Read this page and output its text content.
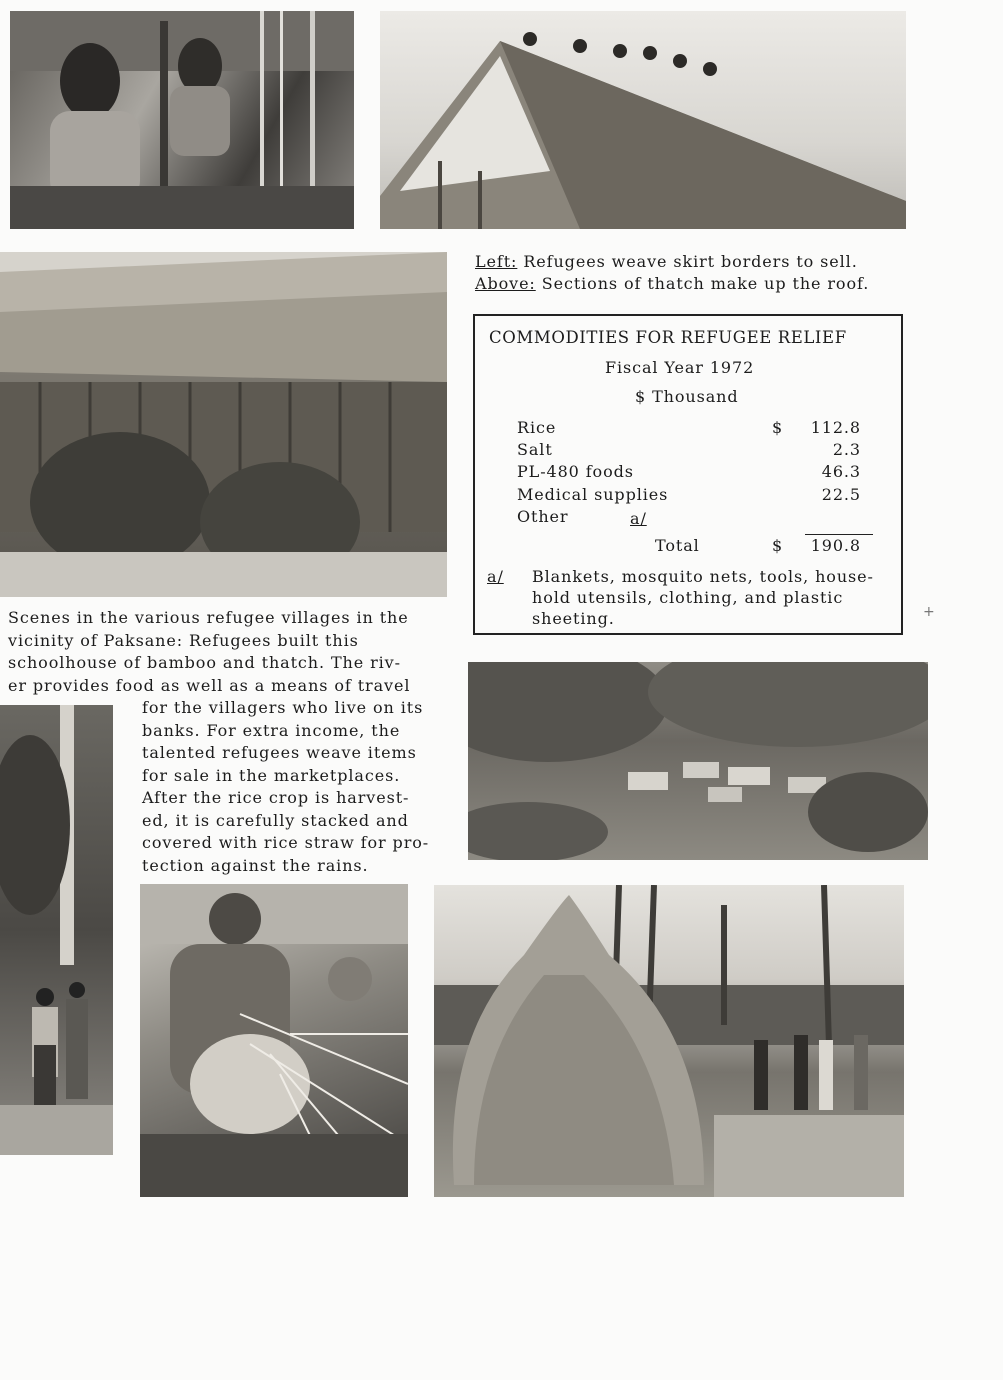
Left: Refugees weave skirt borders to sell.
Above: Sections of thatch make up the roof.
COMMODITIES FOR REFUGEE RELIEF
Fiscal Year 1972
$ Thousand
Rice	$ 112.8
Salt	2.3
PL-480 foods	46.3
Medical supplies	22.5
Other	a/
Total	$ 190.8
a/ Blankets, mosquito nets, tools, house-
hold utensils, clothing, and plastic
sheeting.	+
Scenes in the various refugee villages in the
vicinity of Paksane: Refugees built this
schoolhouse of bamboo and thatch. The riv-
er provides food as well as a means of travel
for the villagers who live on its
banks. For extra income, the
talented refugees weave items
for sale in the marketplaces.
After the rice crop is harvest-
ed, it is carefully stacked and
covered with rice straw for pro-
tection against the rains.
